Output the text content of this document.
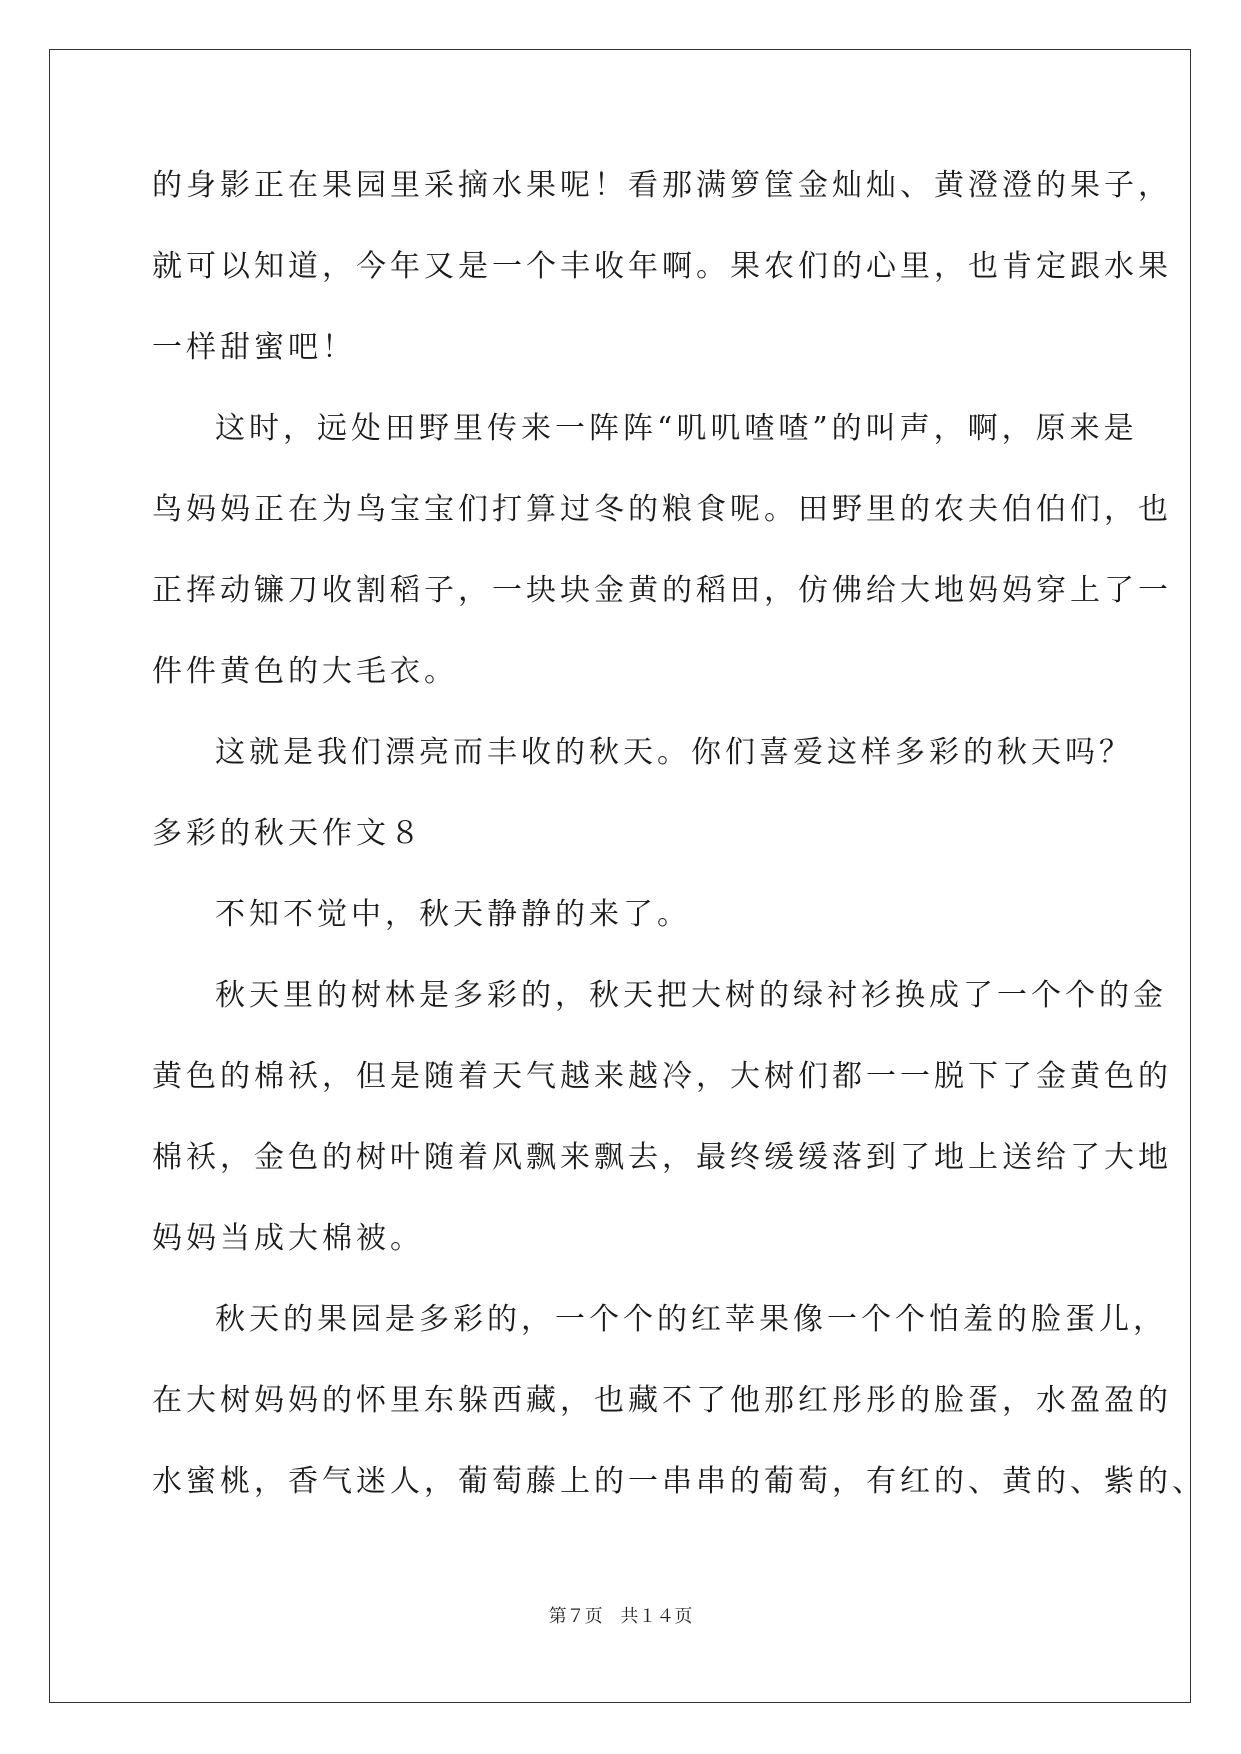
的身影正在果园里采摘水果呢！看那满箩筐金灿灿、黄澄澄的果子，
就可以知道，今年又是一个丰收年啊。果农们的心里，也肯定跟水果
一样甜蜜吧！
这时，远处田野里传来一阵阵“叽叽喳喳”的叫声，啊，原来是
鸟妈妈正在为鸟宝宝们打算过冬的粮食呢。田野里的农夫伯伯们，也
正挥动镰刀收割稻子，一块块金黄的稻田，仿佛给大地妈妈穿上了一
件件黄色的大毛衣。
这就是我们漂亮而丰收的秋天。你们喜爱这样多彩的秋天吗？
多彩的秋天作文８
不知不觉中，秋天静静的来了。
秋天里的树林是多彩的，秋天把大树的绿衬衫换成了一个个的金
黄色的棉袄，但是随着天气越来越冷，大树们都一一脱下了金黄色的
棉袄，金色的树叶随着风飘来飘去，最终缓缓落到了地上送给了大地
妈妈当成大棉被。
秋天的果园是多彩的，一个个的红苹果像一个个怕羞的脸蛋儿，
在大树妈妈的怀里东躲西藏，也藏不了他那红彤彤的脸蛋，水盈盈的
水蜜桃，香气迷人，葡萄藤上的一串串的葡萄，有红的、黄的、紫的、
第７页 共１４页
